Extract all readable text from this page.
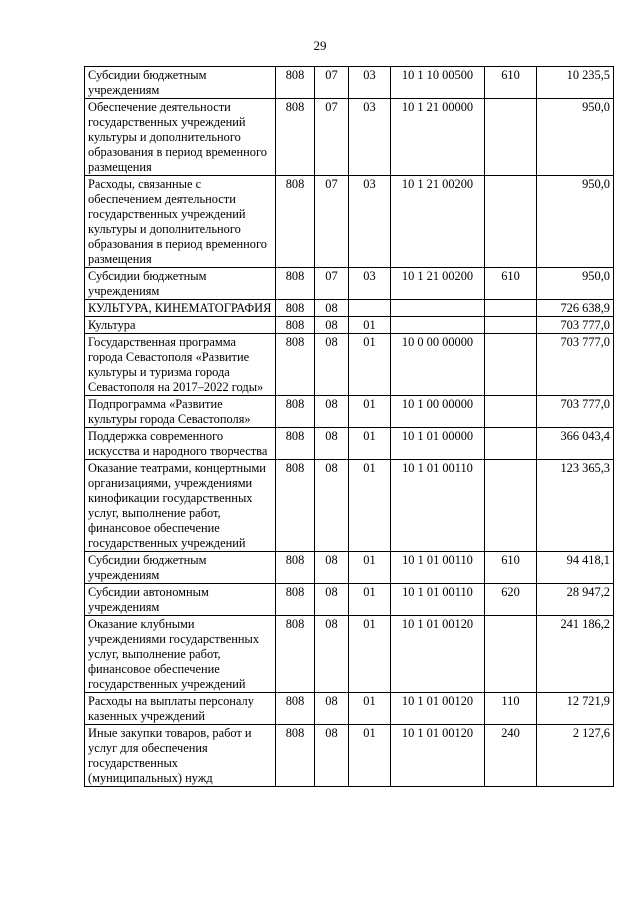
29
Субсидии бюджетным учреждениям	808	07	03	10 1 10 00500	610	10 235,5
Обеспечение деятельности государственных учреждений культуры и дополнительного образования в период временного размещения	808	07	03	10 1 21 00000		950,0
Расходы, связанные с обеспечением деятельности государственных учреждений культуры и дополнительного образования в период временного размещения	808	07	03	10 1 21 00200		950,0
Субсидии бюджетным учреждениям	808	07	03	10 1 21 00200	610	950,0
КУЛЬТУРА, КИНЕМАТОГРАФИЯ	808	08				726 638,9
Культура	808	08	01			703 777,0
Государственная программа города Севастополя «Развитие культуры и туризма города Севастополя на 2017–2022 годы»	808	08	01	10 0 00 00000		703 777,0
Подпрограмма «Развитие культуры города Севастополя»	808	08	01	10 1 00 00000		703 777,0
Поддержка современного искусства и народного творчества	808	08	01	10 1 01 00000		366 043,4
Оказание театрами, концертными организациями, учреждениями кинофикации государственных услуг, выполнение работ, финансовое обеспечение государственных учреждений	808	08	01	10 1 01 00110		123 365,3
Субсидии бюджетным учреждениям	808	08	01	10 1 01 00110	610	94 418,1
Субсидии автономным учреждениям	808	08	01	10 1 01 00110	620	28 947,2
Оказание клубными учреждениями государственных услуг, выполнение работ, финансовое обеспечение государственных учреждений	808	08	01	10 1 01 00120		241 186,2
Расходы на выплаты персоналу казенных учреждений	808	08	01	10 1 01 00120	110	12 721,9
Иные закупки товаров, работ и услуг для обеспечения государственных (муниципальных) нужд	808	08	01	10 1 01 00120	240	2 127,6
